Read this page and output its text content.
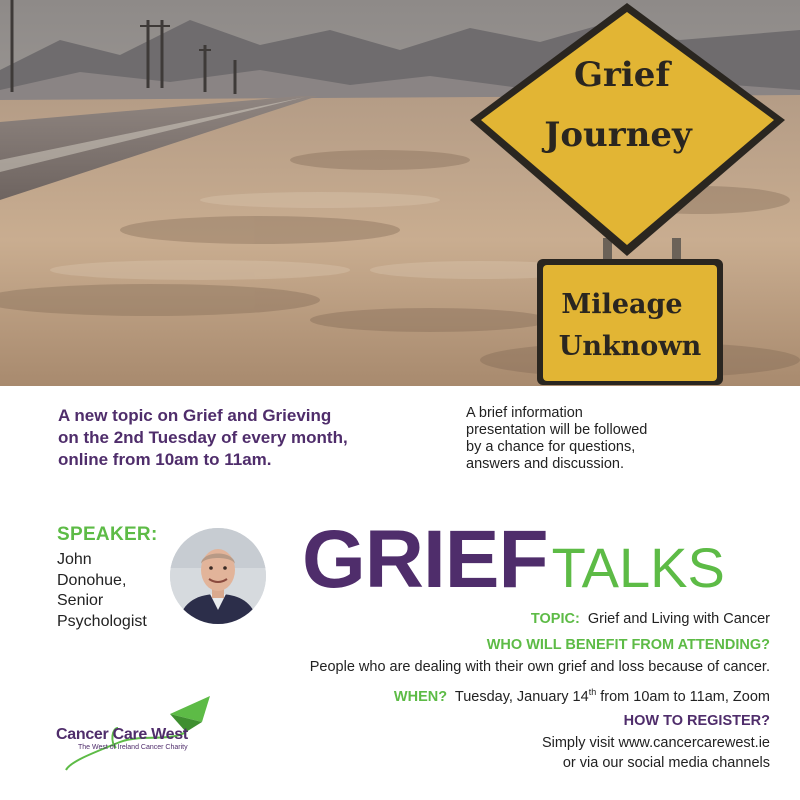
Grief
Journey
Mileage
Unknown
A new topic on Grief and Grieving
on the 2nd Tuesday of every month,
online from 10am to 11am.
A brief information
presentation will be followed
by a chance for questions,
answers and discussion.
SPEAKER:
John
Donohue,
Senior
Psychologist
GRIEFTALKS
TOPIC: Grief and Living with Cancer
WHO WILL BENEFIT FROM ATTENDING?
People who are dealing with their own grief and loss because of cancer.
WHEN? Tuesday, January 14th from 10am to 11am, Zoom
HOW TO REGISTER?
Simply visit www.cancercarewest.ie
or via our social media channels
Cancer Care West
The West of Ireland Cancer Charity
